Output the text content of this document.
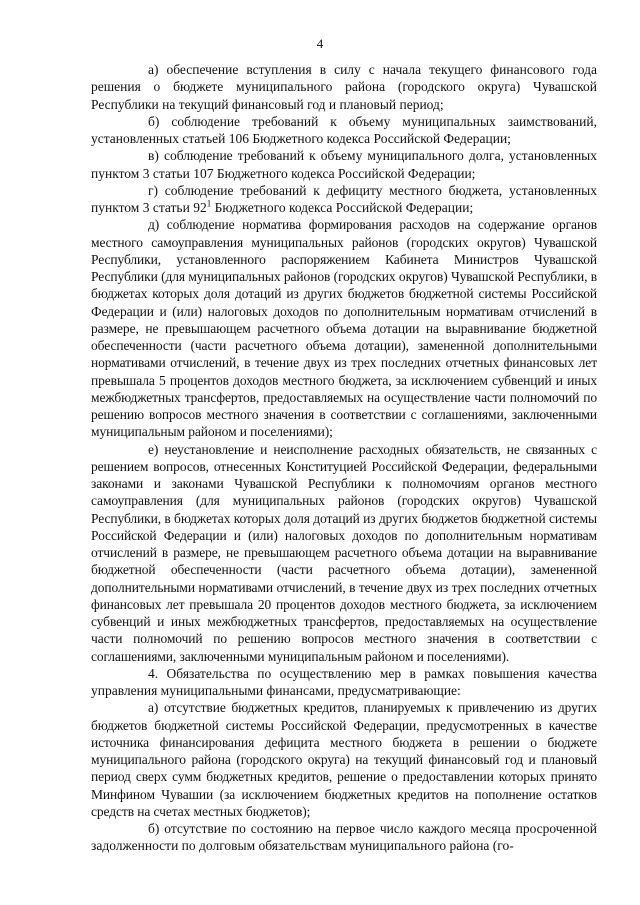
4

а) обеспечение вступления в силу с начала текущего финансового года решения о бюджете муниципального района (городского округа) Чувашской Республики на текущий финансовый год и плановый период;

б) соблюдение требований к объему муниципальных заимствований, установленных статьей 106 Бюджетного кодекса Российской Федерации;

в) соблюдение требований к объему муниципального долга, установленных пунктом 3 статьи 107 Бюджетного кодекса Российской Федерации;

г) соблюдение требований к дефициту местного бюджета, установленных пунктом 3 статьи $92^1$ Бюджетного кодекса Российской Федерации;

д) соблюдение норматива формирования расходов на содержание органов местного самоуправления муниципальных районов (городских округов) Чувашской Республики, установленного распоряжением Кабинета Министров Чувашской Республики (для муниципальных районов (городских округов) Чувашской Республики, в бюджетах которых доля дотаций из других бюджетов бюджетной системы Российской Федерации и (или) налоговых доходов по дополнительным нормативам отчислений в размере, не превышающем расчетного объема дотации на выравнивание бюджетной обеспеченности (части расчетного объема дотации), замененной дополнительными нормативами отчислений, в течение двух из трех последних отчетных финансовых лет превышала 5 процентов доходов местного бюджета, за исключением субвенций и иных межбюджетных трансфертов, предоставляемых на осуществление части полномочий по решению вопросов местного значения в соответствии с соглашениями, заключенными муниципальным районом и поселениями);

е) неустановление и неисполнение расходных обязательств, не связанных с решением вопросов, отнесенных Конституцией Российской Федерации, федеральными законами и законами Чувашской Республики к полномочиям органов местного самоуправления (для муниципальных районов (городских округов) Чувашской Республики, в бюджетах которых доля дотаций из других бюджетов бюджетной системы Российской Федерации и (или) налоговых доходов по дополнительным нормативам отчислений в размере, не превышающем расчетного объема дотации на выравнивание бюджетной обеспеченности (части расчетного объема дотации), замененной дополнительными нормативами отчислений, в течение двух из трех последних отчетных финансовых лет превышала 20 процентов доходов местного бюджета, за исключением субвенций и иных межбюджетных трансфертов, предоставляемых на осуществление части полномочий по решению вопросов местного значения в соответствии с соглашениями, заключенными муниципальным районом и поселениями).

4. Обязательства по осуществлению мер в рамках повышения качества управления муниципальными финансами, предусматривающие:

а) отсутствие бюджетных кредитов, планируемых к привлечению из других бюджетов бюджетной системы Российской Федерации, предусмотренных в качестве источника финансирования дефицита местного бюджета в решении о бюджете муниципального района (городского округа) на текущий финансовый год и плановый период сверх сумм бюджетных кредитов, решение о предоставлении которых принято Минфином Чувашии (за исключением бюджетных кредитов на пополнение остатков средств на счетах местных бюджетов);

б) отсутствие по состоянию на первое число каждого месяца просроченной задолженности по долговым обязательствам муниципального района (го-
